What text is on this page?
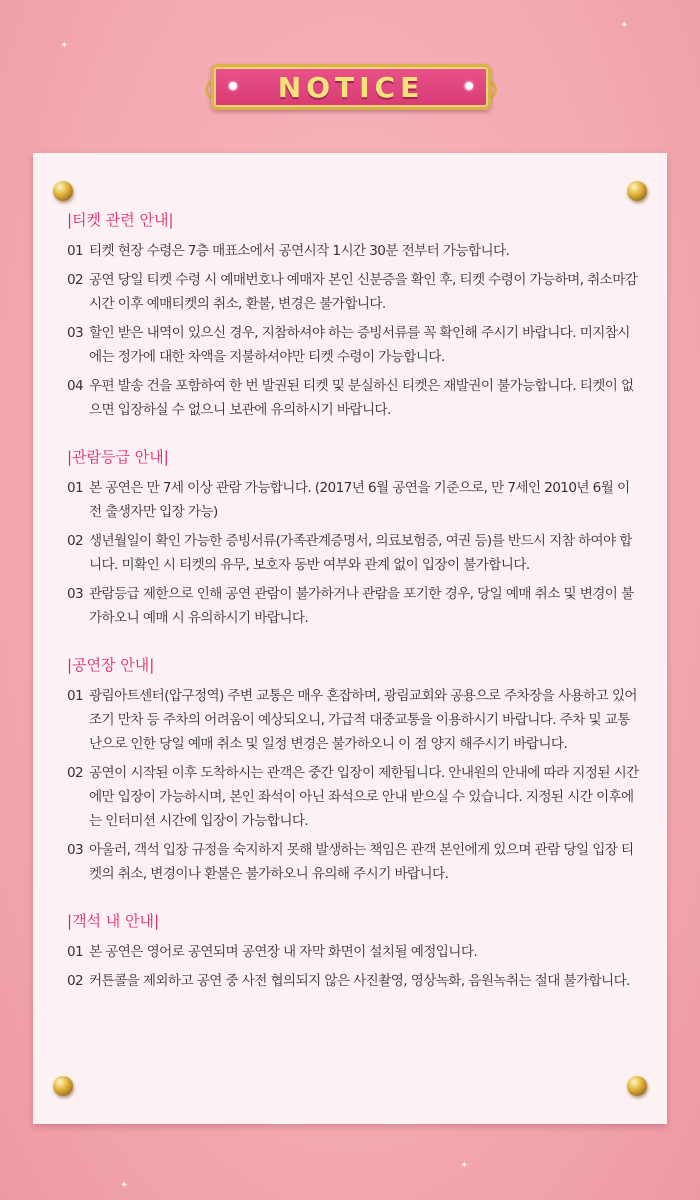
✦
✦
✦
✦
NOTICE
|티켓 관련 안내|
01 티켓 현장 수령은 7층 매표소에서 공연시작 1시간 30분 전부터 가능합니다.
02 공연 당일 티켓 수령 시 예매번호나 예매자 본인 신분증을 확인 후, 티켓 수령이 가능하며, 취소마감시간 이후 예매티켓의 취소, 환불, 변경은 불가합니다.
03 할인 받은 내역이 있으신 경우, 지참하셔야 하는 증빙서류를 꼭 확인해 주시기 바랍니다. 미지참시에는 정가에 대한 차액을 지불하셔야만 티켓 수령이 가능합니다.
04 우편 발송 건을 포함하여 한 번 발권된 티켓 및 분실하신 티켓은 재발권이 불가능합니다. 티켓이 없으면 입장하실 수 없으니 보관에 유의하시기 바랍니다.
|관람등급 안내|
01 본 공연은 만 7세 이상 관람 가능합니다. (2017년 6월 공연을 기준으로, 만 7세인 2010년 6월 이전 출생자만 입장 가능)
02 생년월일이 확인 가능한 증빙서류(가족관계증명서, 의료보험증, 여권 등)를 반드시 지참 하여야 합니다. 미확인 시 티켓의 유무, 보호자 동반 여부와 관계 없이 입장이 불가합니다.
03 관람등급 제한으로 인해 공연 관람이 불가하거나 관람을 포기한 경우, 당일 예매 취소 및 변경이 불가하오니 예매 시 유의하시기 바랍니다.
|공연장 안내|
01 광림아트센터(압구정역) 주변 교통은 매우 혼잡하며, 광림교회와 공용으로 주차장을 사용하고 있어 조기 만차 등 주차의 어려움이 예상되오니, 가급적 대중교통을 이용하시기 바랍니다. 주차 및 교통난으로 인한 당일 예매 취소 및 일정 변경은 불가하오니 이 점 양지 해주시기 바랍니다.
02 공연이 시작된 이후 도착하시는 관객은 중간 입장이 제한됩니다. 안내원의 안내에 따라 지정된 시간에만 입장이 가능하시며, 본인 좌석이 아닌 좌석으로 안내 받으실 수 있습니다. 지정된 시간 이후에는 인터미션 시간에 입장이 가능합니다.
03 아울러, 객석 입장 규정을 숙지하지 못해 발생하는 책임은 관객 본인에게 있으며 관람 당일 입장 티켓의 취소, 변경이나 환불은 불가하오니 유의해 주시기 바랍니다.
|객석 내 안내|
01 본 공연은 영어로 공연되며 공연장 내 자막 화면이 설치될 예정입니다.
02 커튼콜을 제외하고 공연 중 사전 협의되지 않은 사진촬영, 영상녹화, 음원녹취는 절대 불가합니다.
